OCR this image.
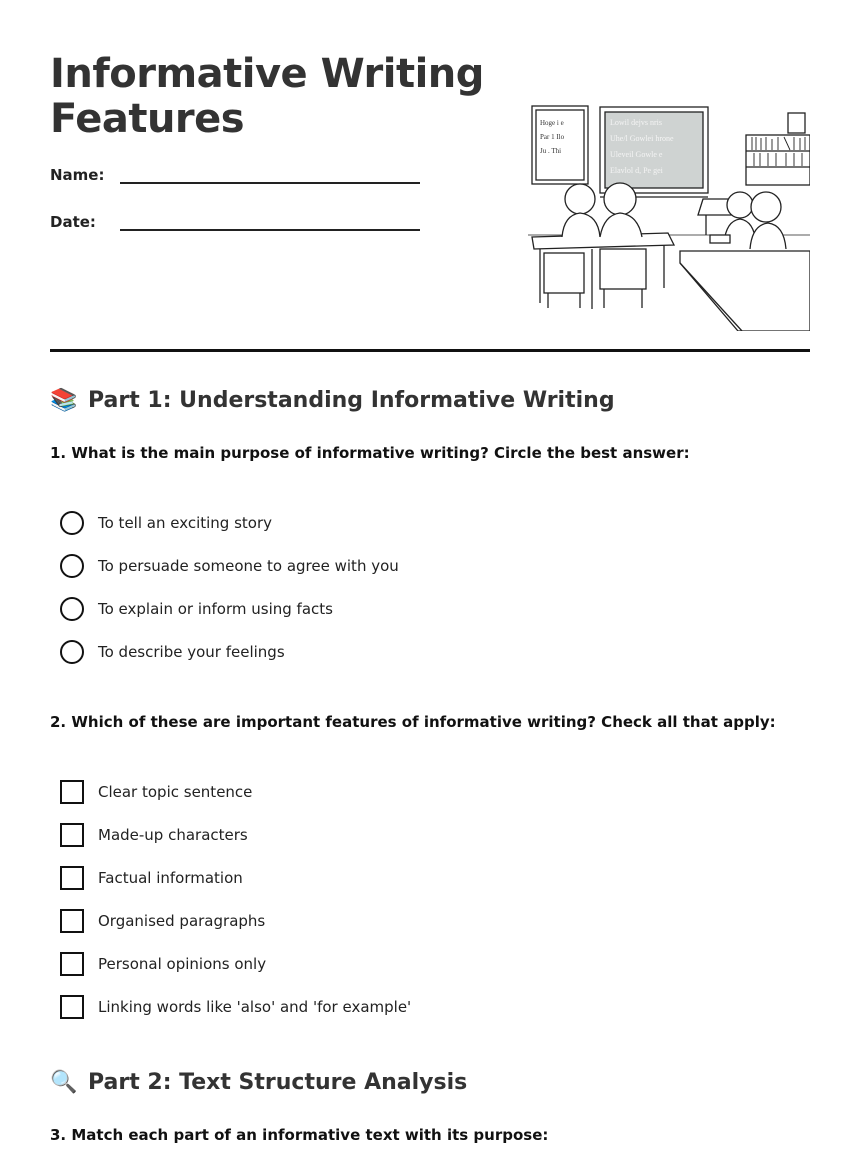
Informative Writing Features
Name:
Date:
Hoge i e
Par 1 Ilo
Ju . Thi
Lowil dejvs nris
Uhe/l Gowlei hrone
Uleveil Gowle e
Elavlol d, Pe gei
📚 Part 1: Understanding Informative Writing

1. What is the main purpose of informative writing? Circle the best answer:

To tell an exciting story
To persuade someone to agree with you
To explain or inform using facts
To describe your feelings

2. Which of these are important features of informative writing? Check all that apply:

Clear topic sentence
Made-up characters
Factual information
Organised paragraphs
Personal opinions only
Linking words like 'also' and 'for example'
🔍 Part 2: Text Structure Analysis

3. Match each part of an informative text with its purpose:
